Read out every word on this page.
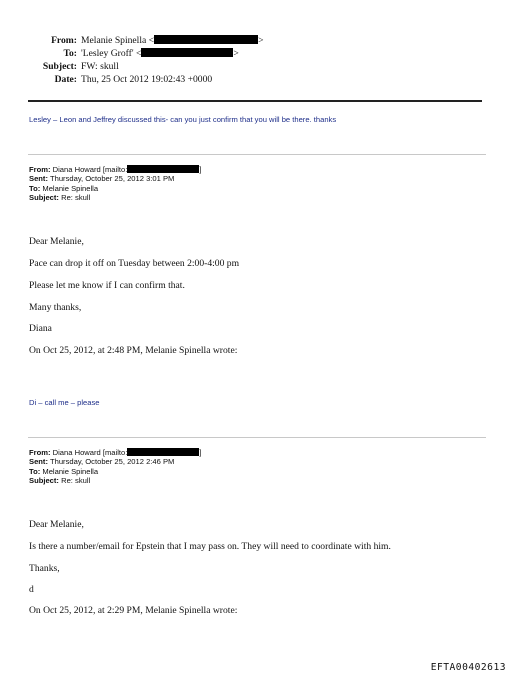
From: Melanie Spinella <	>
To: 'Lesley Groff' <	>
Subject: FW: skull
Date: Thu, 25 Oct 2012 19:02:43 +0000
Lesley – Leon and Jeffrey discussed this- can you just confirm that you will be there. thanks
From: Diana Howard [mailto:	]
Sent: Thursday, October 25, 2012 3:01 PM
To: Melanie Spinella
Subject: Re: skull
Dear Melanie,
Pace can drop it off on Tuesday between 2:00-4:00 pm
Please let me know if I can confirm that.
Many thanks,
Diana
On Oct 25, 2012, at 2:48 PM, Melanie Spinella wrote:
Di – call me – please
From: Diana Howard [mailto:	]
Sent: Thursday, October 25, 2012 2:46 PM
To: Melanie Spinella
Subject: Re: skull
Dear Melanie,
Is there a number/email for Epstein that I may pass on. They will need to coordinate with him.
Thanks,
d
On Oct 25, 2012, at 2:29 PM, Melanie Spinella wrote:
EFTA00402613
